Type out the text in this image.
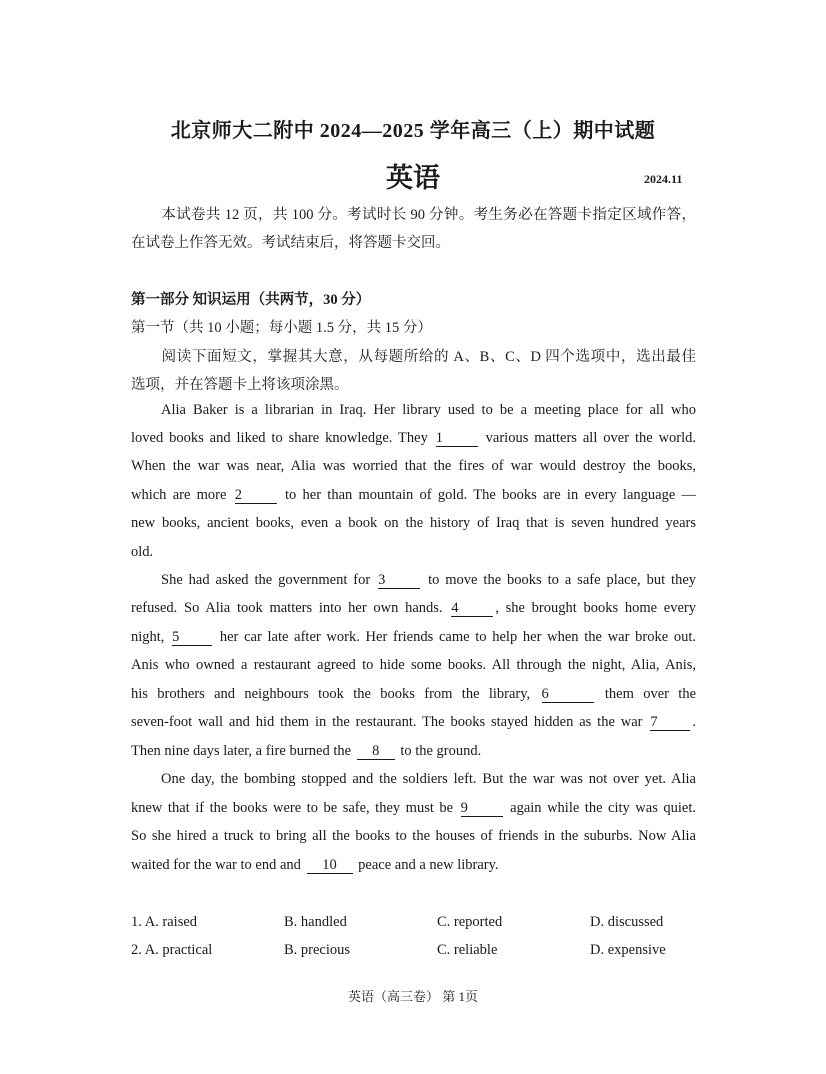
北京师大二附中 2024—2025 学年高三（上）期中试题
英语	2024.11
本试卷共 12 页，共 100 分。考试时长 90 分钟。考生务必在答题卡指定区域作答，
在试卷上作答无效。考试结束后，将答题卡交回。
第一部分 知识运用（共两节，30 分）
第一节（共 10 小题；每小题 1.5 分，共 15 分）
阅读下面短文，掌握其大意，从每题所给的 A、B、C、D 四个选项中，选出最佳
选项，并在答题卡上将该项涂黑。
Alia Baker is a librarian in Iraq. Her library used to be a meeting place for all who
loved books and liked to share knowledge. They 1	various matters all over the world.
When the war was near, Alia was worried that the fires of war would destroy the books,
which are more 2	to her than mountain of gold. The books are in every language —
new books, ancient books, even a book on the history of Iraq that is seven hundred years
old.
She had asked the government for 3	to move the books to a safe place, but they
refused. So Alia took matters into her own hands. 4	, she brought books home every
night, 5	her car late after work. Her friends came to help her when the war broke out.
Anis who owned a restaurant agreed to hide some books. All through the night, Alia, Anis,
his brothers and neighbours took the books from the library, 6	them over the
seven-foot wall and hid them in the restaurant. The books stayed hidden as the war 7 .
Then nine days later, a fire burned the 8 to the ground.
One day, the bombing stopped and the soldiers left. But the war was not over yet. Alia
knew that if the books were to be safe, they must be 9	again while the city was quiet.
So she hired a truck to bring all the books to the houses of friends in the suburbs. Now Alia
waited for the war to end and 10 peace and a new library.
1. A. raised	B. handled	C. reported	D. discussed
2. A. practical	B. precious	C. reliable	D. expensive
英语（高三卷） 第 1页
